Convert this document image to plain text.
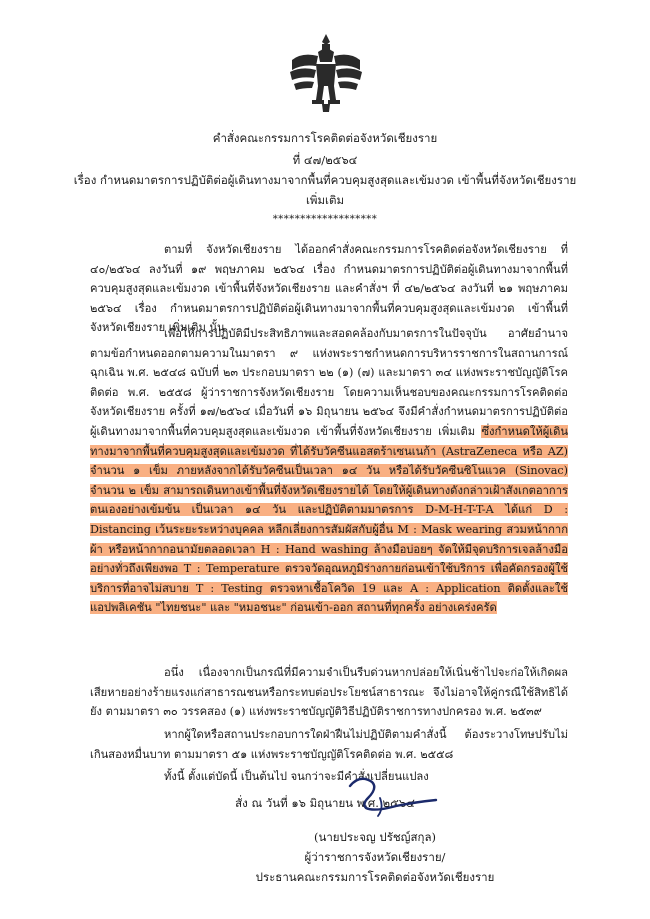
คำสั่งคณะกรรมการโรคติดต่อจังหวัดเชียงราย
ที่ ๔๗/๒๕๖๔
เรื่อง กำหนดมาตรการปฏิบัติต่อผู้เดินทางมาจากพื้นที่ควบคุมสูงสุดและเข้มงวด เข้าพื้นที่จังหวัดเชียงราย
เพิ่มเติม
*******************
ตามที่ จังหวัดเชียงราย ได้ออกคำสั่งคณะกรรมการโรคติดต่อจังหวัดเชียงราย ที่ ๔๐/๒๕๖๔ ลงวันที่ ๑๙ พฤษภาคม ๒๕๖๔ เรื่อง กำหนดมาตรการปฏิบัติต่อผู้เดินทางมาจากพื้นที่ควบคุมสูงสุดและเข้มงวด เข้าพื้นที่จังหวัดเชียงราย และคำสั่งฯ ที่ ๔๒/๒๕๖๔ ลงวันที่ ๒๑ พฤษภาคม ๒๕๖๔ เรื่อง กำหนดมาตรการปฏิบัติต่อผู้เดินทางมาจากพื้นที่ควบคุมสูงสุดและเข้มงวด เข้าพื้นที่จังหวัดเชียงราย เพิ่มเติม นั้น
เพื่อให้การปฏิบัติมีประสิทธิภาพและสอดคล้องกับมาตรการในปัจจุบัน อาศัยอำนาจตามข้อกำหนดออกตามความในมาตรา ๙ แห่งพระราชกำหนดการบริหารราชการในสถานการณ์ฉุกเฉิน พ.ศ. ๒๕๔๘ ฉบับที่ ๒๓ ประกอบมาตรา ๒๒ (๑) (๗) และมาตรา ๓๔ แห่งพระราชบัญญัติโรคติดต่อ พ.ศ. ๒๕๕๘ ผู้ว่าราชการจังหวัดเชียงราย โดยความเห็นชอบของคณะกรรมการโรคติดต่อจังหวัดเชียงราย ครั้งที่ ๑๗/๒๕๖๔ เมื่อวันที่ ๑๖ มิถุนายน ๒๕๖๔ จึงมีคำสั่งกำหนดมาตรการปฏิบัติต่อผู้เดินทางมาจากพื้นที่ควบคุมสูงสุดและเข้มงวด เข้าพื้นที่จังหวัดเชียงราย เพิ่มเติม ซึ่งกำหนดให้ผู้เดินทางมาจากพื้นที่ควบคุมสูงสุดและเข้มงวด ที่ได้รับวัคซีนแอสตร้าเซนเนก้า (AstraZeneca หรือ AZ) จำนวน ๑ เข็ม ภายหลังจากได้รับวัคซีนเป็นเวลา ๑๔ วัน หรือได้รับวัคซีนซิโนแวค (Sinovac) จำนวน ๒ เข็ม สามารถเดินทางเข้าพื้นที่จังหวัดเชียงรายได้ โดยให้ผู้เดินทางดังกล่าวเฝ้าสังเกตอาการตนเองอย่างเข้มข้น เป็นเวลา ๑๔ วัน และปฏิบัติตามมาตรการ D-M-H-T-T-A ได้แก่ D : Distancing เว้นระยะระหว่างบุคคล หลีกเลี่ยงการสัมผัสกับผู้อื่น M : Mask wearing สวมหน้ากากผ้า หรือหน้ากากอนามัยตลอดเวลา H : Hand washing ล้างมือบ่อยๆ จัดให้มีจุดบริการเจลล้างมืออย่างทั่วถึงเพียงพอ T : Temperature ตรวจวัดอุณหภูมิร่างกายก่อนเข้าใช้บริการ เพื่อคัดกรองผู้ใช้บริการที่อาจไม่สบาย T : Testing ตรวจหาเชื้อโควิด 19 และ A : Application ติดตั้งและใช้แอปพลิเคชัน "ไทยชนะ" และ "หมอชนะ" ก่อนเข้า-ออก สถานที่ทุกครั้ง อย่างเคร่งครัด
อนึ่ง เนื่องจากเป็นกรณีที่มีความจำเป็นรีบด่วนหากปล่อยให้เนิ่นช้าไปจะก่อให้เกิดผลเสียหายอย่างร้ายแรงแก่สาธารณชนหรือกระทบต่อประโยชน์สาธารณะ จึงไม่อาจให้คู่กรณีใช้สิทธิได้ยัง ตามมาตรา ๓๐ วรรคสอง (๑) แห่งพระราชบัญญัติวิธีปฏิบัติราชการทางปกครอง พ.ศ. ๒๕๓๙
หากผู้ใดหรือสถานประกอบการใดฝ่าฝืนไม่ปฏิบัติตามคำสั่งนี้ ต้องระวางโทษปรับไม่เกินสองหมื่นบาท ตามมาตรา ๕๑ แห่งพระราชบัญญัติโรคติดต่อ พ.ศ. ๒๕๕๘
ทั้งนี้ ตั้งแต่บัดนี้ เป็นต้นไป จนกว่าจะมีคำสั่งเปลี่ยนแปลง
สั่ง ณ วันที่ ๑๖ มิถุนายน พ.ศ. ๒๕๖๔
(นายประจญ ปรัชญ์สกุล)
ผู้ว่าราชการจังหวัดเชียงราย/
ประธานคณะกรรมการโรคติดต่อจังหวัดเชียงราย
